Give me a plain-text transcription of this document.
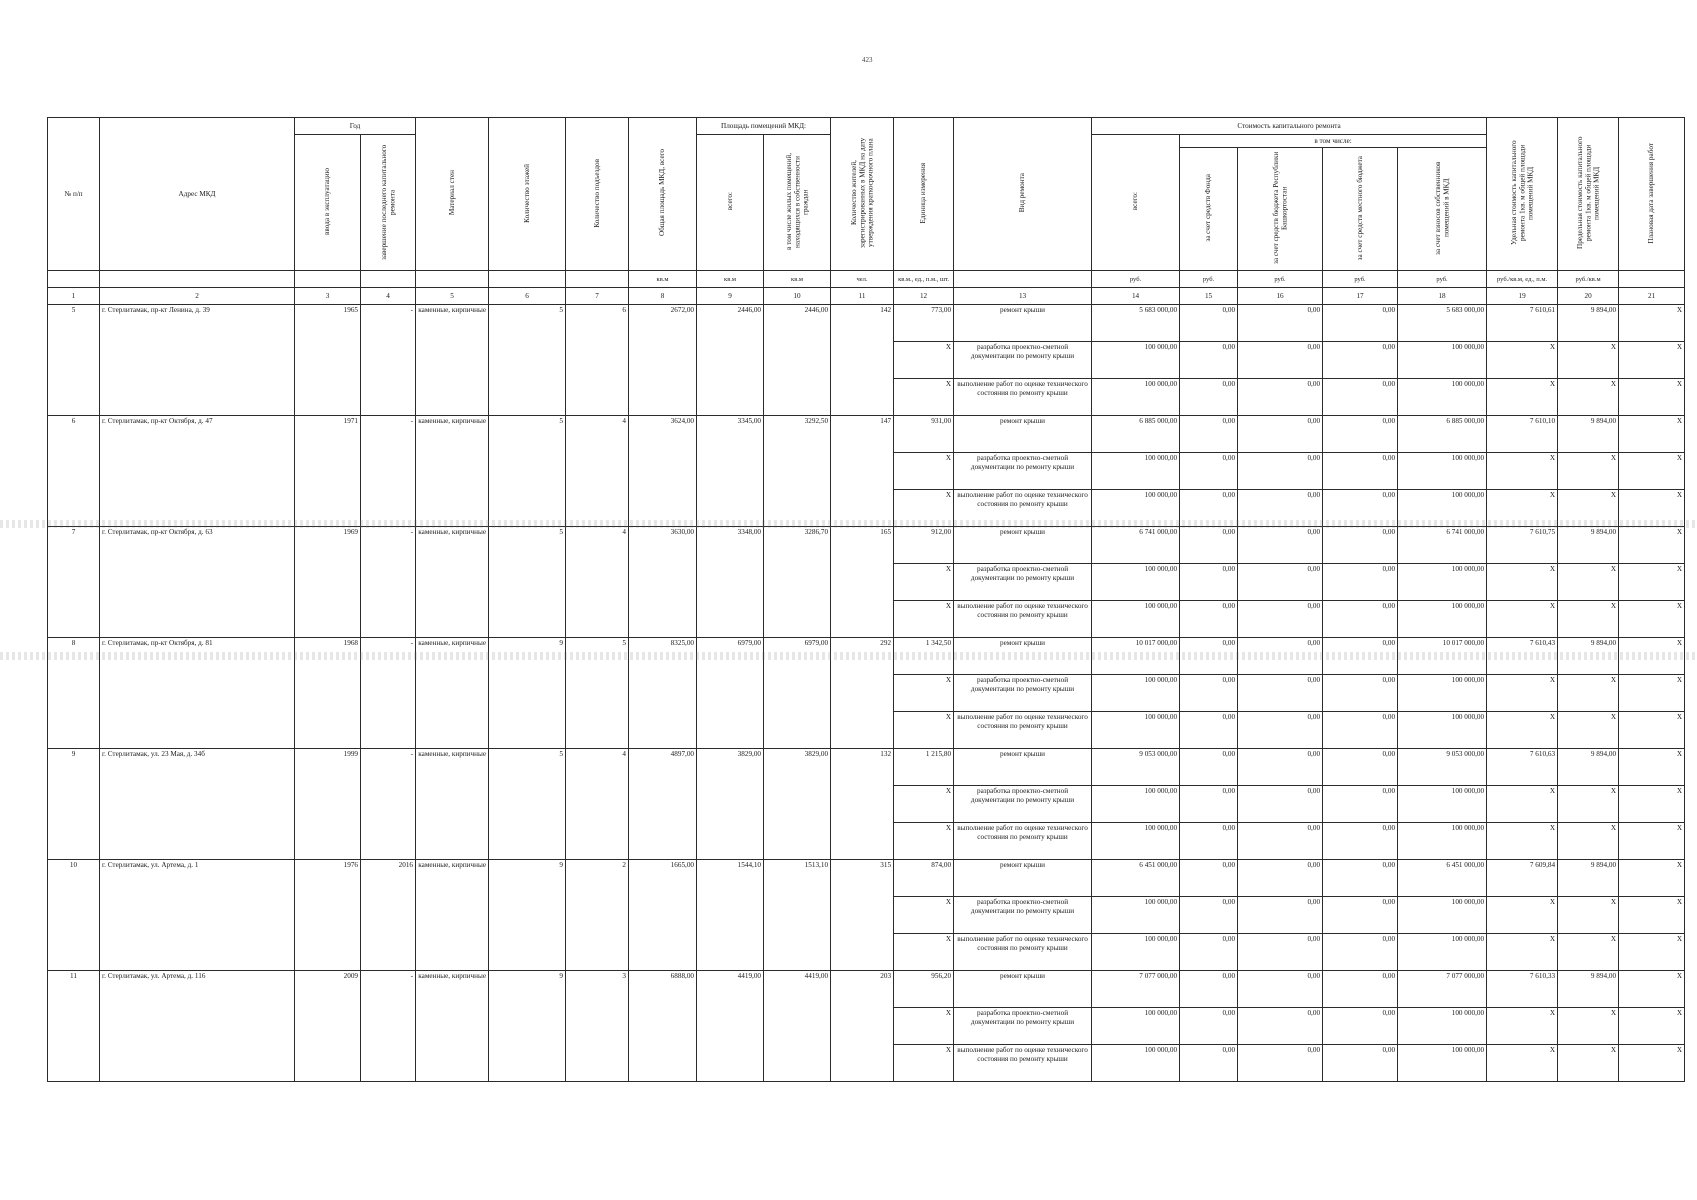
423
№ п/п	Адрес МКД	Год		Материал стен	Количество этажей	Количество подъездов	Общая площадь МКД, всего	Площадь помещений МКД:		Количество жителей, зарегистрированных в МКД на дату утверждения краткосрочного плана	Единица измерения	Вид ремонта	Стоимость капитального ремонта					Удельная стоимость капитального ремонта 1кв. м общей площади помещений МКД	Предельная стоимость капитального ремонта 1кв. м общей площади помещений МКД	Плановая дата завершения работ
		ввода в эксплуатацию	завершение последнего капитального ремонта					всего:	в том числе жилых помещений, находящихся в собственности граждан				всего:	в том числе:						
														за счет средств Фонда	за счет средств бюджета Республики Башкортостан	за счет средств местного бюджета	за счет взносов собственников помещений в МКД			
							кв.м	кв.м	кв.м	чел.	кв.м., ед., п.м., шт.		руб.	руб.	руб.	руб.	руб.	руб./кв.м, ед., п.м.	руб./кв.м	
1	2	3	4	5	6	7	8	9	10	11	12	13	14	15	16	17	18	19	20	21
5	г. Стерлитамак, пр-кт Ленина, д. 39	1965	-	каменные, кирпичные	5	6	2672,00	2446,00	2446,00	142	773,00	ремонт крыши	5 683 000,00	0,00	0,00	0,00	5 683 000,00	7 610,61	9 894,00	X
											X	разработка проектно-сметной документации по ремонту крыши	100 000,00	0,00	0,00	0,00	100 000,00	X	X	X
											X	выполнение работ по оценке технического состояния по ремонту крыши	100 000,00	0,00	0,00	0,00	100 000,00	X	X	X
6	г. Стерлитамак, пр-кт Октября, д. 47	1971	-	каменные, кирпичные	5	4	3624,00	3345,00	3292,50	147	931,00	ремонт крыши	6 885 000,00	0,00	0,00	0,00	6 885 000,00	7 610,10	9 894,00	X
											X	разработка проектно-сметной документации по ремонту крыши	100 000,00	0,00	0,00	0,00	100 000,00	X	X	X
											X	выполнение работ по оценке технического состояния по ремонту крыши	100 000,00	0,00	0,00	0,00	100 000,00	X	X	X
7	г. Стерлитамак, пр-кт Октября, д. 63	1969	-	каменные, кирпичные	5	4	3630,00	3348,00	3286,70	165	912,00	ремонт крыши	6 741 000,00	0,00	0,00	0,00	6 741 000,00	7 610,75	9 894,00	X
											X	разработка проектно-сметной документации по ремонту крыши	100 000,00	0,00	0,00	0,00	100 000,00	X	X	X
											X	выполнение работ по оценке технического состояния по ремонту крыши	100 000,00	0,00	0,00	0,00	100 000,00	X	X	X
8	г. Стерлитамак, пр-кт Октября, д. 81	1968	-	каменные, кирпичные	9	5	8325,00	6979,00	6979,00	292	1 342,50	ремонт крыши	10 017 000,00	0,00	0,00	0,00	10 017 000,00	7 610,43	9 894,00	X
											X	разработка проектно-сметной документации по ремонту крыши	100 000,00	0,00	0,00	0,00	100 000,00	X	X	X
											X	выполнение работ по оценке технического состояния по ремонту крыши	100 000,00	0,00	0,00	0,00	100 000,00	X	X	X
9	г. Стерлитамак, ул. 23 Мая, д. 34б	1999	-	каменные, кирпичные	5	4	4897,00	3829,00	3829,00	132	1 215,80	ремонт крыши	9 053 000,00	0,00	0,00	0,00	9 053 000,00	7 610,63	9 894,00	X
											X	разработка проектно-сметной документации по ремонту крыши	100 000,00	0,00	0,00	0,00	100 000,00	X	X	X
											X	выполнение работ по оценке технического состояния по ремонту крыши	100 000,00	0,00	0,00	0,00	100 000,00	X	X	X
10	г. Стерлитамак, ул. Артема, д. 1	1976	2016	каменные, кирпичные	9	2	1665,00	1544,10	1513,10	315	874,00	ремонт крыши	6 451 000,00	0,00	0,00	0,00	6 451 000,00	7 609,84	9 894,00	X
											X	разработка проектно-сметной документации по ремонту крыши	100 000,00	0,00	0,00	0,00	100 000,00	X	X	X
											X	выполнение работ по оценке технического состояния по ремонту крыши	100 000,00	0,00	0,00	0,00	100 000,00	X	X	X
11	г. Стерлитамак, ул. Артема, д. 116	2009	-	каменные, кирпичные	9	3	6888,00	4419,00	4419,00	203	956,20	ремонт крыши	7 077 000,00	0,00	0,00	0,00	7 077 000,00	7 610,33	9 894,00	X
											X	разработка проектно-сметной документации по ремонту крыши	100 000,00	0,00	0,00	0,00	100 000,00	X	X	X
											X	выполнение работ по оценке технического состояния по ремонту крыши	100 000,00	0,00	0,00	0,00	100 000,00	X	X	X
